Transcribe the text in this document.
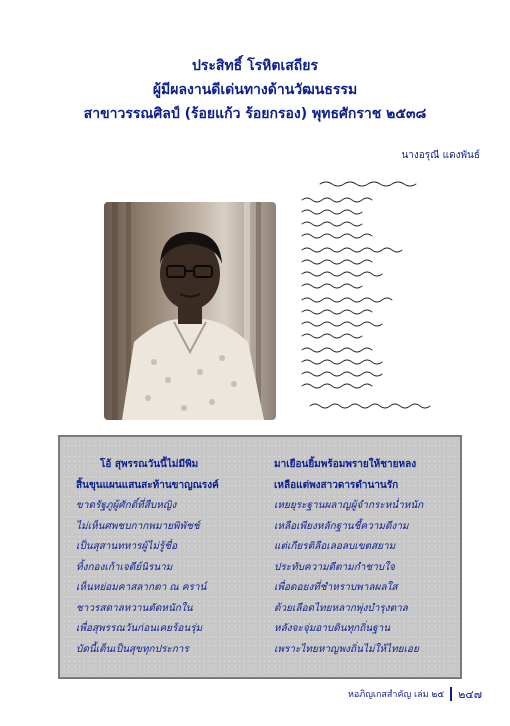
ประสิทธิ์ โรหิตเสถียร
ผู้มีผลงานดีเด่นทางด้านวัฒนธรรม
สาขาวรรณศิลป์ (ร้อยแก้ว ร้อยกรอง) พุทธศักราช ๒๕๓๘
นางอรุณี แดงพันธ์
โอ้ สุพรรณวันนี้ไม่มีพิม
สิ้นขุนแผนแสนสะท้านขาญณรงค์
ขาดรัฐภูผู้ศักดิ์ที่สืบหญิง
ไม่เห็นศพชบกากพมายพิพัชช์
เป็นสุสานทหารผู้ไม่รู้ชื่อ
ทิ้งกองเก้าเจดีย์นิรนาม
เห็นหย่อมคาสลากตา ณ คราน์
ชาวรสดาลหวานตัดหนักใน
เพื่อสุพรรณวันก่อนเคยร้อนรุ่ม
บัดนี้เด็นเป็นสุขทุกประการ
มาเยือนยิ้มพร้อมพรายให้ชายหลง
เหลือแต่พงสาวดารดำนานรัก
เหยยุระฐานผลาญผู้จำกระหน่ำหนัก
เหลือเพียงหลักฐานชี้ความดีงาม
แต่เกียรติลือเลอลบเขตสยาม
ประทับความดีตามกำชาบใจ
เพื่อดอยงที่ชำหราบพาลผลใส
ด้วยเลือดไทยหลากพุ่งบำรุงตาล
หลังจะจุ่มอาบดินทุกถิ่นฐาน
เพราะไทยหาญพงถิ่นไม่ให้ไทยเอย
หอภิญเกสสำคัญ เล่ม ๒๕ ๒๔๗
